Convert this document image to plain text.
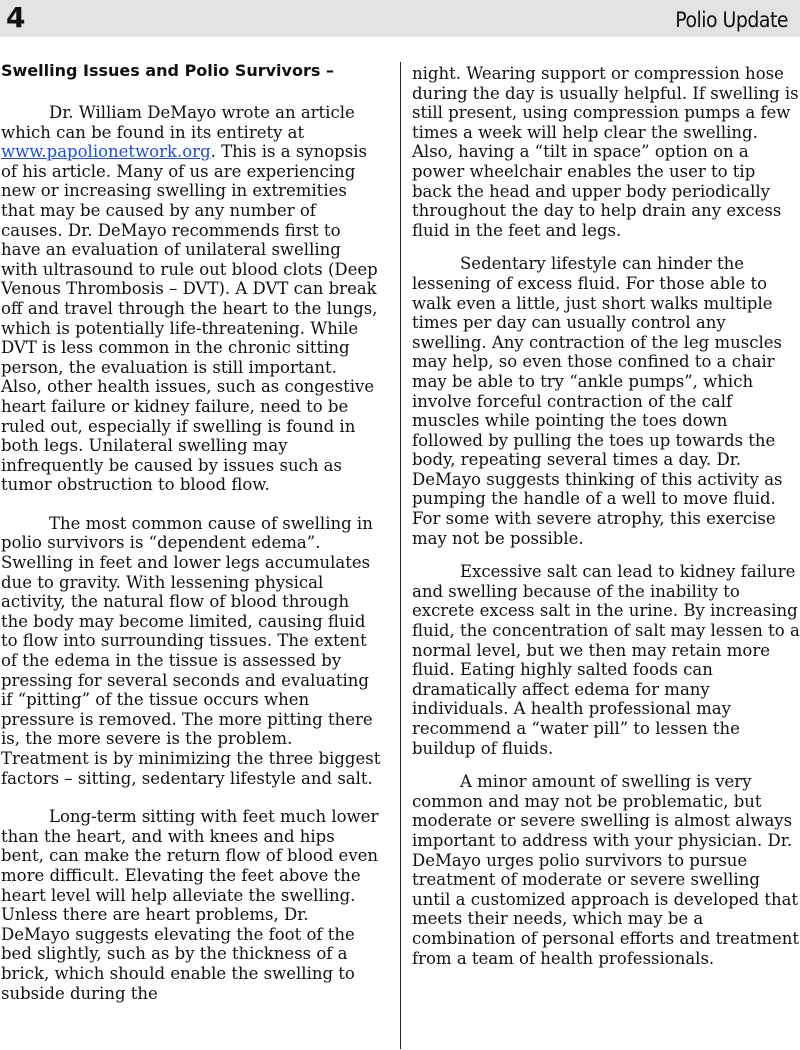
4	Polio Update
Swelling Issues and Polio Survivors –

Dr. William DeMayo wrote an article which can be found in its entirety at www.papolionetwork.org. This is a synopsis of his article. Many of us are experiencing new or increasing swelling in extremities that may be caused by any number of causes. Dr. DeMayo recommends first to have an evaluation of unilateral swelling with ultrasound to rule out blood clots (Deep Venous Thrombosis – DVT). A DVT can break off and travel through the heart to the lungs, which is potentially life-threatening. While DVT is less common in the chronic sitting person, the evaluation is still important. Also, other health issues, such as congestive heart failure or kidney failure, need to be ruled out, especially if swelling is found in both legs. Unilateral swelling may infrequently be caused by issues such as tumor obstruction to blood flow.

The most common cause of swelling in polio survivors is “dependent edema”. Swelling in feet and lower legs accumulates due to gravity. With lessening physical activity, the natural flow of blood through the body may become limited, causing fluid to flow into surrounding tissues. The extent of the edema in the tissue is assessed by pressing for several seconds and evaluating if “pitting” of the tissue occurs when pressure is removed. The more pitting there is, the more severe is the problem. Treatment is by minimizing the three biggest factors – sitting, sedentary lifestyle and salt.

Long-term sitting with feet much lower than the heart, and with knees and hips bent, can make the return flow of blood even more difficult. Elevating the feet above the heart level will help alleviate the swelling. Unless there are heart problems, Dr. DeMayo suggests elevating the foot of the bed slightly, such as by the thickness of a brick, which should enable the swelling to subside during the

night. Wearing support or compression hose during the day is usually helpful. If swelling is still present, using compression pumps a few times a week will help clear the swelling. Also, having a “tilt in space” option on a power wheelchair enables the user to tip back the head and upper body periodically throughout the day to help drain any excess fluid in the feet and legs.

Sedentary lifestyle can hinder the lessening of excess fluid. For those able to walk even a little, just short walks multiple times per day can usually control any swelling. Any contraction of the leg muscles may help, so even those confined to a chair may be able to try “ankle pumps”, which involve forceful contraction of the calf muscles while pointing the toes down followed by pulling the toes up towards the body, repeating several times a day. Dr. DeMayo suggests thinking of this activity as pumping the handle of a well to move fluid. For some with severe atrophy, this exercise may not be possible.

Excessive salt can lead to kidney failure and swelling because of the inability to excrete excess salt in the urine. By increasing fluid, the concentration of salt may lessen to a normal level, but we then may retain more fluid. Eating highly salted foods can dramatically affect edema for many individuals. A health professional may recommend a “water pill” to lessen the buildup of fluids.

A minor amount of swelling is very common and may not be problematic, but moderate or severe swelling is almost always important to address with your physician. Dr. DeMayo urges polio survivors to pursue treatment of moderate or severe swelling until a customized approach is developed that meets their needs, which may be a combination of personal efforts and treatment from a team of health professionals.
